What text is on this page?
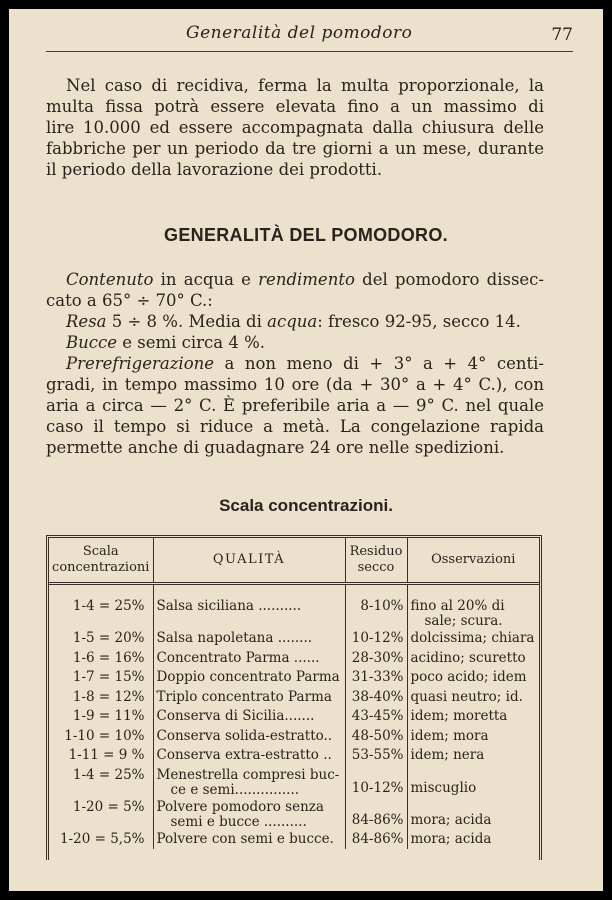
Generalità del pomodoro	77
Nel caso di recidiva, ferma la multa proporzionale, la
multa fissa potrà essere elevata fino a un massimo di
lire 10.000 ed essere accompagnata dalla chiusura delle
fabbriche per un periodo da tre giorni a un mese, durante
il periodo della lavorazione dei prodotti.
GENERALITÀ DEL POMODORO.
Contenuto in acqua e rendimento del pomodoro dissec-
cato a 65° ÷ 70° C.:
Resa 5 ÷ 8 %. Media di acqua: fresco 92-95, secco 14.
Bucce e semi circa 4 %.
Prerefrigerazione a non meno di + 3° a + 4° centi-
gradi, in tempo massimo 10 ore (da + 30° a + 4° C.), con
aria a circa — 2° C. È preferibile aria a — 9° C. nel quale
caso il tempo si riduce a metà. La congelazione rapida
permette anche di guadagnare 24 ore nelle spedizioni.
Scala concentrazioni.
Scala
concentrazioni	QUALITÀ	Residuo
secco	Osservazioni

1-4 = 25%	Salsa siciliana ..........	8-10%	fino al 20% di
sale; scura.

1-5 = 20%	Salsa napoletana ........	10-12%	dolcissima; chiara
1-6 = 16%	Concentrato Parma ......	28-30%	acidino; scuretto
1-7 = 15%	Doppio concentrato Parma	31-33%	poco acido; idem
1-8 = 12%	Triplo concentrato Parma	38-40%	quasi neutro; id.
1-9 = 11%	Conserva di Sicilia.......	43-45%	idem; moretta
1-10 = 10%	Conserva solida-estratto..	48-50%	idem; mora
1-11 = 9 %	Conserva extra-estratto ..	53-55%	idem; nera
1-4 = 25%	Menestrella compresi buc-
ce e semi...............	10-12%	miscuglio
1-20 = 5%	Polvere pomodoro senza
semi e bucce ..........	84-86%	mora; acida
1-20 = 5,5%	Polvere con semi e bucce.	84-86%	mora; acida
